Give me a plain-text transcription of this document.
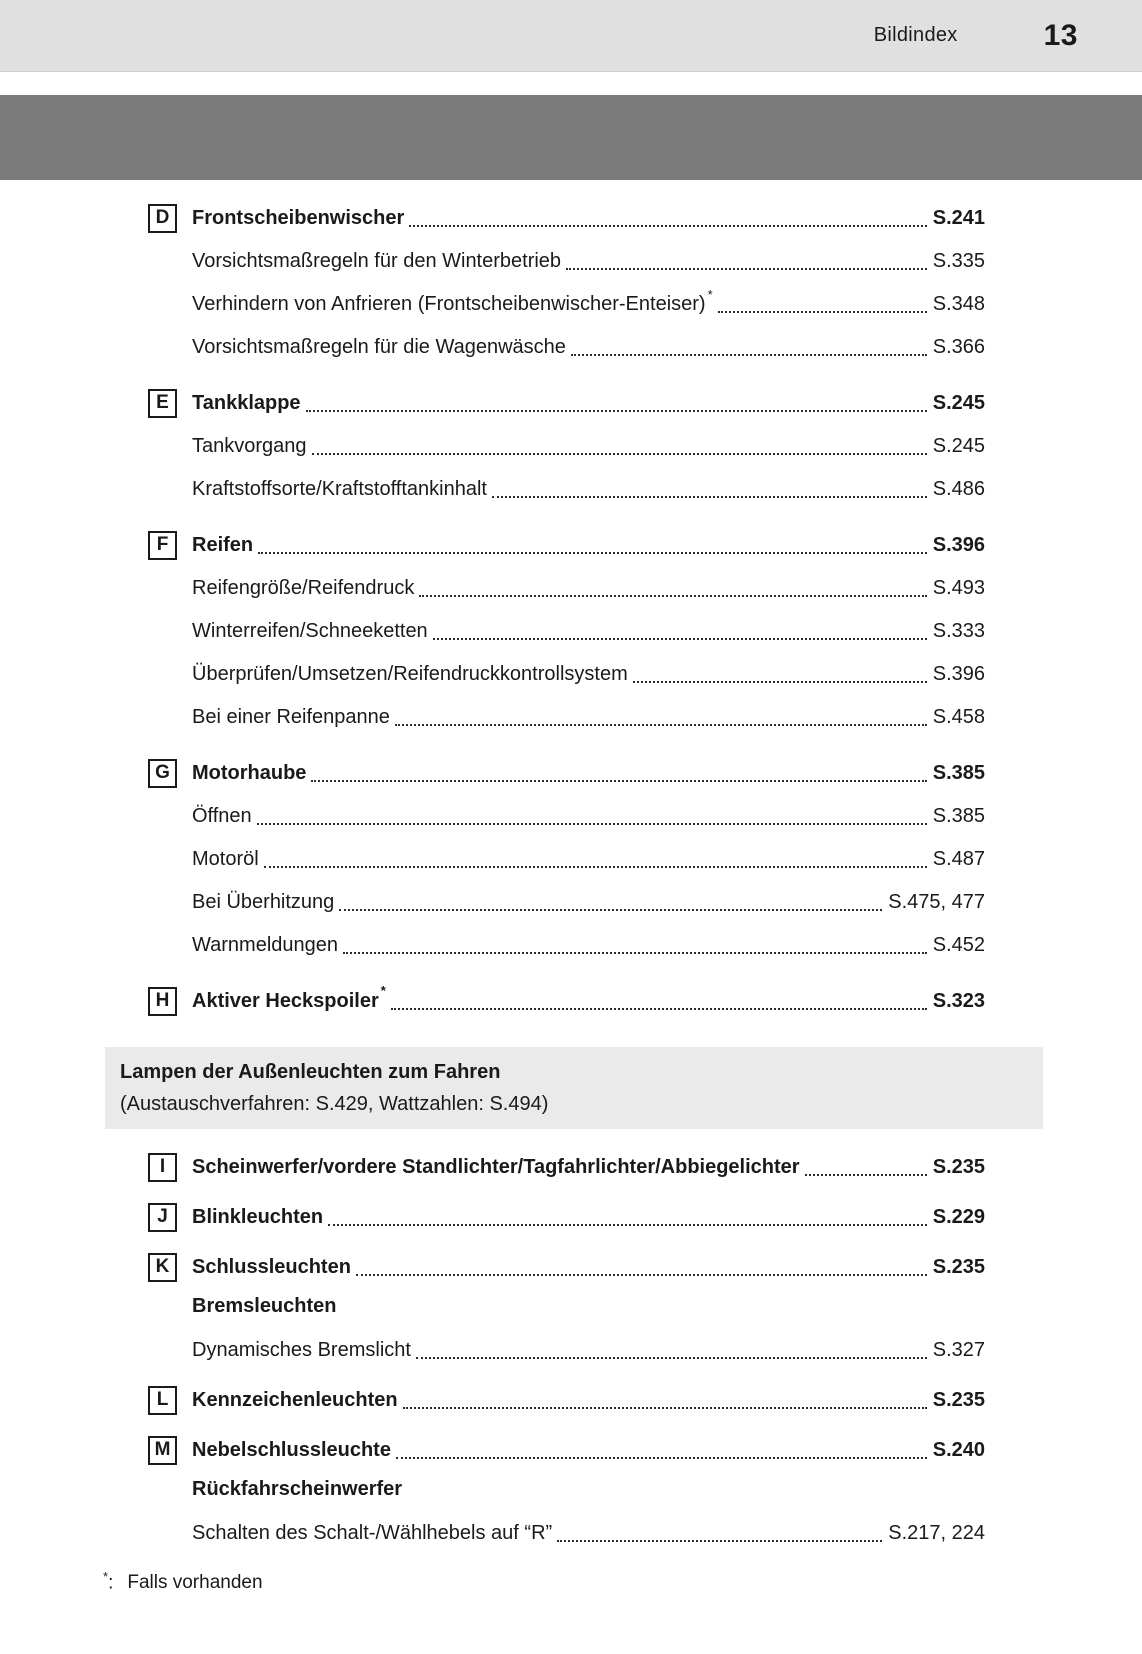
Bildindex	13
D	Frontscheibenwischer	S.241
Vorsichtsmaßregeln für den Winterbetrieb	S.335
Verhindern von Anfrieren (Frontscheibenwischer-Enteiser) *	S.348
Vorsichtsmaßregeln für die Wagenwäsche	S.366
E	Tankklappe	S.245
Tankvorgang	S.245
Kraftstoffsorte/Kraftstofftankinhalt	S.486
F	Reifen	S.396
Reifengröße/Reifendruck	S.493
Winterreifen/Schneeketten	S.333
Überprüfen/Umsetzen/Reifendruckkontrollsystem	S.396
Bei einer Reifenpanne	S.458
G	Motorhaube	S.385
Öffnen	S.385
Motoröl	S.487
Bei Überhitzung	S.475, 477
Warnmeldungen	S.452
H	Aktiver Heckspoiler *	S.323
Lampen der Außenleuchten zum Fahren
(Austauschverfahren: S.429, Wattzahlen: S.494)
I	Scheinwerfer/vordere Standlichter/Tagfahrlichter/Abbiegelichter	S.235
J	Blinkleuchten	S.229
K	Schlussleuchten	S.235
Bremsleuchten
Dynamisches Bremslicht	S.327
L	Kennzeichenleuchten	S.235
M	Nebelschlussleuchte	S.240
Rückfahrscheinwerfer
Schalten des Schalt-/Wählhebels auf “R”	S.217, 224
*: Falls vorhanden
